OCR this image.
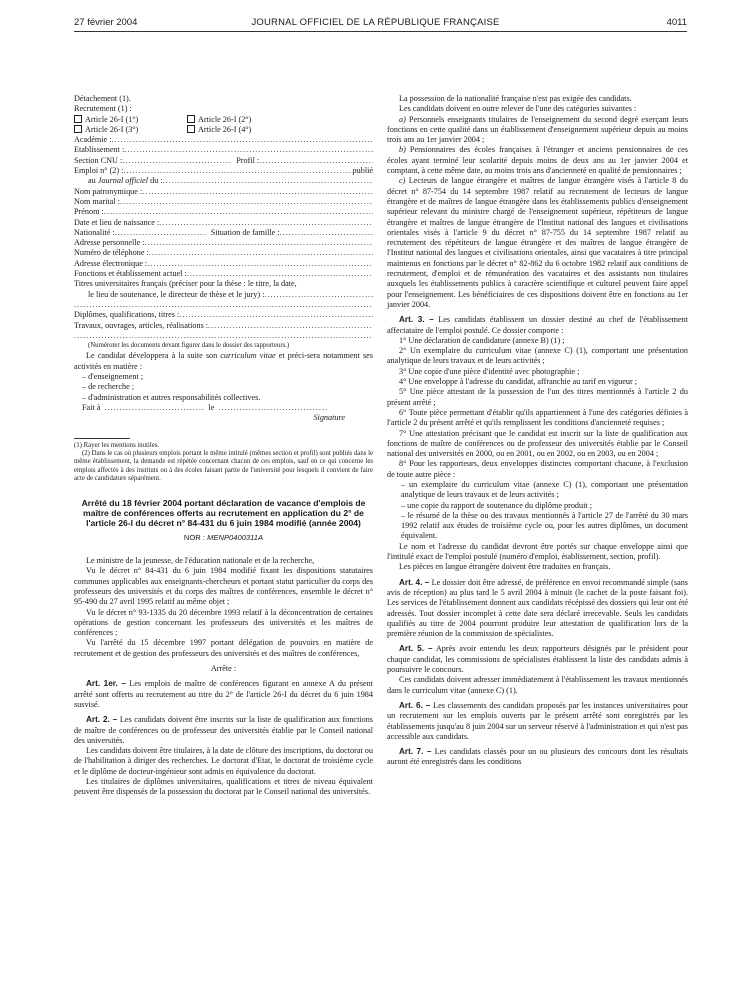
27 février 2004	JOURNAL OFFICIEL DE LA RÉPUBLIQUE FRANÇAISE	4011
Détachement (1).
Recrutement (1) :
Article 26-I (1°)	Article 26-I (2°)
Article 26-I (3°)	Article 26-I (4°)
Académie :
.....
Etablissement :
.....
Section CNU : .....	Profil :
.....
Emploi n° (2) : .....	publié
au Journal officiel du :
.....
Nom patronymique :
.....
Nom marital :
.....
Prénom :
.....
Date et lieu de naissance :
.....
Nationalité : .....	Situation de famille :
.....
Adresse personnelle :
.....
Numéro de téléphone :
.....
Adresse électronique :
.....
Fonctions et établissement actuel :
.....
Titres universitaires français (préciser pour la thèse : le titre, la date,
le lieu de soutenance, le directeur de thèse et le jury) :
.....
.....
Diplômes, qualifications, titres :
.....
Travaux, ouvrages, articles, réalisations :
.....
.....
(Numéroter les documents devant figurer dans le dossier des rapporteurs.)
Le candidat développera à la suite son curriculum vitae et préci-sera notamment ses activités en matière :
– d'enseignement ;
– de recherche ;
– d'administration et autres responsabilités collectives.
Fait à .....	le
.....
Signature
(1) Rayer les mentions inutiles.
(2) Dans le cas où plusieurs emplois portant le même intitulé (mêmes section et profil) sont publiés dans le même établissement, la demande est répétée concernant chacun de ces emplois, sauf en ce qui concerne les emplois affectés à des instituts ou à des écoles faisant partie de l'université pour lesquels il convient de faire acte de candidature séparément.
Arrêté du 18 février 2004 portant déclaration de vacance d'emplois de maître de conférences offerts au recrutement en application du 2° de l'article 26-I du décret n° 84-431 du 6 juin 1984 modifié (année 2004)
NOR : MENP0400311A

Le ministre de la jeunesse, de l'éducation nationale et de la recherche,

Vu le décret n° 84-431 du 6 juin 1984 modifié fixant les dispositions statutaires communes applicables aux enseignants-chercheurs et portant statut particulier du corps des professeurs des universités et du corps des maîtres de conférences, ensemble le décret n° 95-490 du 27 avril 1995 relatif au même objet ;

Vu le décret n° 93-1335 du 20 décembre 1993 relatif à la déconcentration de certaines opérations de gestion concernant les professeurs des universités et les maîtres de conférences ;

Vu l'arrêté du 15 décembre 1997 portant délégation de pouvoirs en matière de recrutement et de gestion des professeurs des universités et des maîtres de conférences,

Arrête :

Art. 1er. – Les emplois de maître de conférences figurant en annexe A du présent arrêté sont offerts au recrutement au titre du 2° de l'article 26-I du décret du 6 juin 1984 susvisé.

Art. 2. – Les candidats doivent être inscrits sur la liste de qualification aux fonctions de maître de conférences ou de professeur des universités établie par le Conseil national des universités.

Les candidats doivent être titulaires, à la date de clôture des inscriptions, du doctorat ou de l'habilitation à diriger des recherches. Le doctorat d'Etat, le doctorat de troisième cycle et le diplôme de docteur-ingénieur sont admis en équivalence du doctorat.

Les titulaires de diplômes universitaires, qualifications et titres de niveau équivalent peuvent être dispensés de la possession du doctorat par le Conseil national des universités.

La possession de la nationalité française n'est pas exigée des candidats.

Les candidats doivent en outre relever de l'une des catégories suivantes :

a) Personnels enseignants titulaires de l'enseignement du second degré exerçant leurs fonctions en cette qualité dans un établissement d'enseignement supérieur depuis au moins trois ans au 1er janvier 2004 ;

b) Pensionnaires des écoles françaises à l'étranger et anciens pensionnaires de ces écoles ayant terminé leur scolarité depuis moins de deux ans au 1er janvier 2004 et comptant, à cette même date, au moins trois ans d'ancienneté en qualité de pensionnaires ;

c) Lecteurs de langue étrangère et maîtres de langue étrangère visés à l'article 8 du décret n° 87-754 du 14 septembre 1987 relatif au recrutement de lecteurs de langue étrangère et de maîtres de langue étrangère dans les établissements publics d'enseignement supérieur relevant du ministre chargé de l'enseignement supérieur, répétiteurs de langue étrangère et maîtres de langue étrangère de l'Institut national des langues et civilisations orientales visés à l'article 9 du décret n° 87-755 du 14 septembre 1987 relatif au recrutement des répétiteurs de langue étrangère et des maîtres de langue étrangère de l'Institut national des langues et civilisations orientales, ainsi que vacataires à titre principal maintenus en fonctions par le décret n° 82-862 du 6 octobre 1982 relatif aux conditions de recrutement, d'emploi et de rémunération des vacataires et des assistants non titulaires auxquels les établissements publics à caractère scientifique et culturel peuvent faire appel pour l'enseignement. Les bénéficiaires de ces dispositions doivent être en fonctions au 1er janvier 2004.

Art. 3. – Les candidats établissent un dossier destiné au chef de l'établissement affectataire de l'emploi postulé. Ce dossier comporte :

1° Une déclaration de candidature (annexe B) (1) ;

2° Un exemplaire du curriculum vitae (annexe C) (1), comportant une présentation analytique de leurs travaux et de leurs activités ;

3° Une copie d'une pièce d'identité avec photographie ;

4° Une enveloppe à l'adresse du candidat, affranchie au tarif en vigueur ;

5° Une pièce attestant de la possession de l'un des titres mentionnés à l'article 2 du présent arrêté ;

6° Toute pièce permettant d'établir qu'ils appartiennent à l'une des catégories définies à l'article 2 du présent arrêté et qu'ils remplissent les conditions d'ancienneté requises ;

7° Une attestation précisant que le candidat est inscrit sur la liste de qualification aux fonctions de maître de conférences ou de professeur des universités établie par le Conseil national des universités en 2000, ou en 2001, ou en 2002, ou en 2003, ou en 2004 ;

8° Pour les rapporteurs, deux enveloppes distinctes comportant chacune, à l'exclusion de toute autre pièce :

– un exemplaire du curriculum vitae (annexe C) (1), comportant une présentation analytique de leurs travaux et de leurs activités ;
– une copie du rapport de soutenance du diplôme produit ;
– le résumé de la thèse ou des travaux mentionnés à l'article 27 de l'arrêté du 30 mars 1992 relatif aux études de troisième cycle ou, pour les autres diplômes, un document équivalent.

Le nom et l'adresse du candidat devront être portés sur chaque enveloppe ainsi que l'intitulé exact de l'emploi postulé (numéro d'emploi, établissement, section, profil).

Les pièces en langue étrangère doivent être traduites en français.

Art. 4. – Le dossier doit être adressé, de préférence en envoi recommandé simple (sans avis de réception) au plus tard le 5 avril 2004 à minuit (le cachet de la poste faisant foi). Les services de l'établissement donnent aux candidats récépissé des dossiers qui leur ont été adressés. Tout dossier incomplet à cette date sera déclaré irrecevable. Seuls les candidats qualifiés au titre de 2004 pourront produire leur attestation de qualification lors de la première réunion de la commission de spécialistes.

Art. 5. – Après avoir entendu les deux rapporteurs désignés par le président pour chaque candidat, les commissions de spécialistes établissent la liste des candidats admis à poursuivre le concours.

Ces candidats doivent adresser immédiatement à l'établissement les travaux mentionnés dans le curriculum vitae (annexe C) (1).

Art. 6. – Les classements des candidats proposés par les instances universitaires pour un recrutement sur les emplois ouverts par le présent arrêté sont enregistrés par les établissements jusqu'au 8 juin 2004 sur un serveur réservé à l'administration et qui n'est pas accessible aux candidats.

Art. 7. – Les candidats classés pour un ou plusieurs des concours dont les résultats auront été enregistrés dans les conditions
